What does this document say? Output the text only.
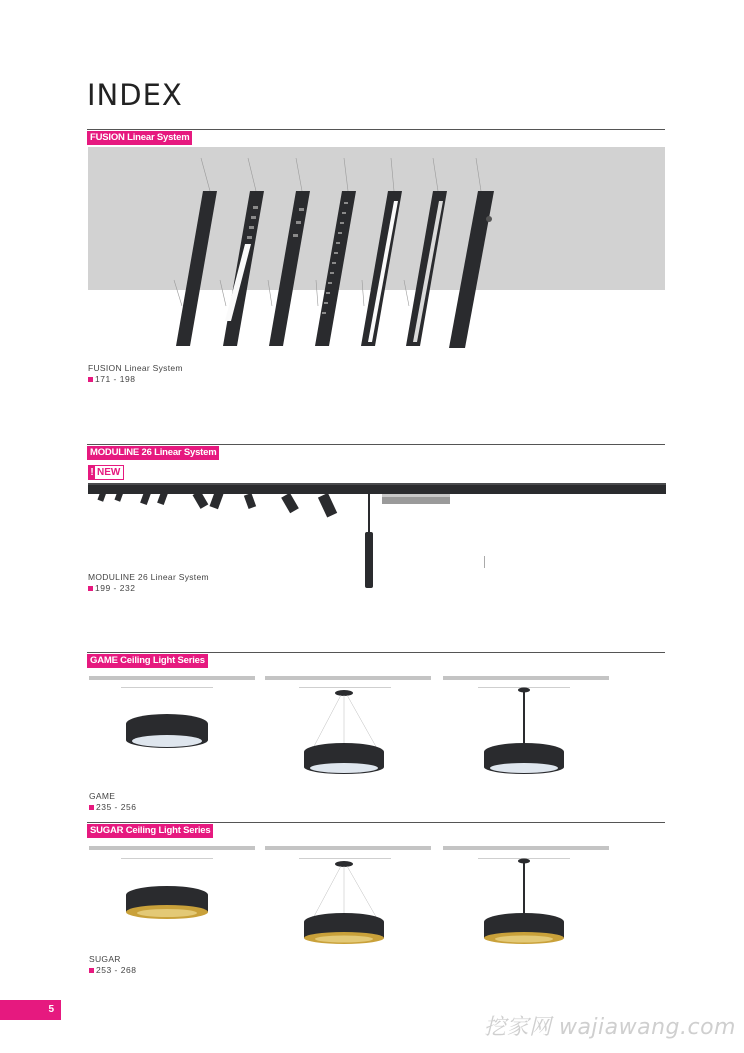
INDEX
FUSION Linear System
FUSION Linear System
171 - 198
MODULINE 26 Linear System
! NEW
MODULINE 26 Linear System
199 - 232
GAME Ceiling Light Series
GAME
235 - 256
SUGAR Ceiling Light Series
SUGAR
253 - 268
5
挖家网 wajiawang.com
